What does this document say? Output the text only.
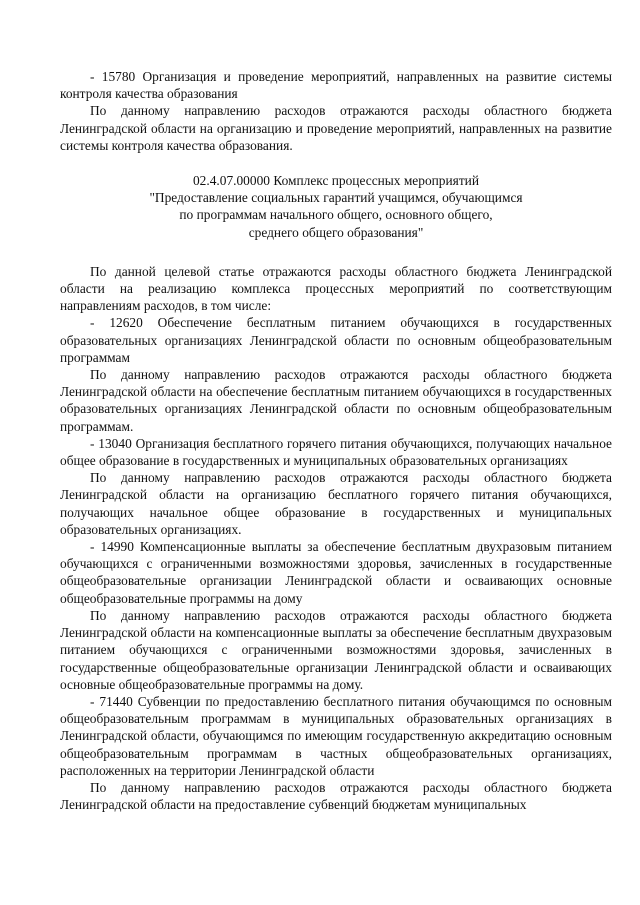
- 15780 Организация и проведение мероприятий, направленных на развитие системы контроля качества образования

По данному направлению расходов отражаются расходы областного бюджета Ленинградской области на организацию и проведение мероприятий, направленных на развитие системы контроля качества образования.

02.4.07.00000 Комплекс процессных мероприятий
"Предоставление социальных гарантий учащимся, обучающимся
по программам начального общего, основного общего,
среднего общего образования"

По данной целевой статье отражаются расходы областного бюджета Ленинградской области на реализацию комплекса процессных мероприятий по соответствующим направлениям расходов, в том числе:

- 12620 Обеспечение бесплатным питанием обучающихся в государственных образовательных организациях Ленинградской области по основным общеобразовательным программам

По данному направлению расходов отражаются расходы областного бюджета Ленинградской области на обеспечение бесплатным питанием обучающихся в государственных образовательных организациях Ленинградской области по основным общеобразовательным программам.

- 13040 Организация бесплатного горячего питания обучающихся, получающих начальное общее образование в государственных и муниципальных образовательных организациях

По данному направлению расходов отражаются расходы областного бюджета Ленинградской области на организацию бесплатного горячего питания обучающихся, получающих начальное общее образование в государственных и муниципальных образовательных организациях.

- 14990 Компенсационные выплаты за обеспечение бесплатным двухразовым питанием обучающихся с ограниченными возможностями здоровья, зачисленных в государственные общеобразовательные организации Ленинградской области и осваивающих основные общеобразовательные программы на дому

По данному направлению расходов отражаются расходы областного бюджета Ленинградской области на компенсационные выплаты за обеспечение бесплатным двухразовым питанием обучающихся с ограниченными возможностями здоровья, зачисленных в государственные общеобразовательные организации Ленинградской области и осваивающих основные общеобразовательные программы на дому.

- 71440 Субвенции по предоставлению бесплатного питания обучающимся по основным общеобразовательным программам в муниципальных образовательных организациях в Ленинградской области, обучающимся по имеющим государственную аккредитацию основным общеобразовательным программам в частных общеобразовательных организациях, расположенных на территории Ленинградской области

По данному направлению расходов отражаются расходы областного бюджета Ленинградской области на предоставление субвенций бюджетам муниципальных
